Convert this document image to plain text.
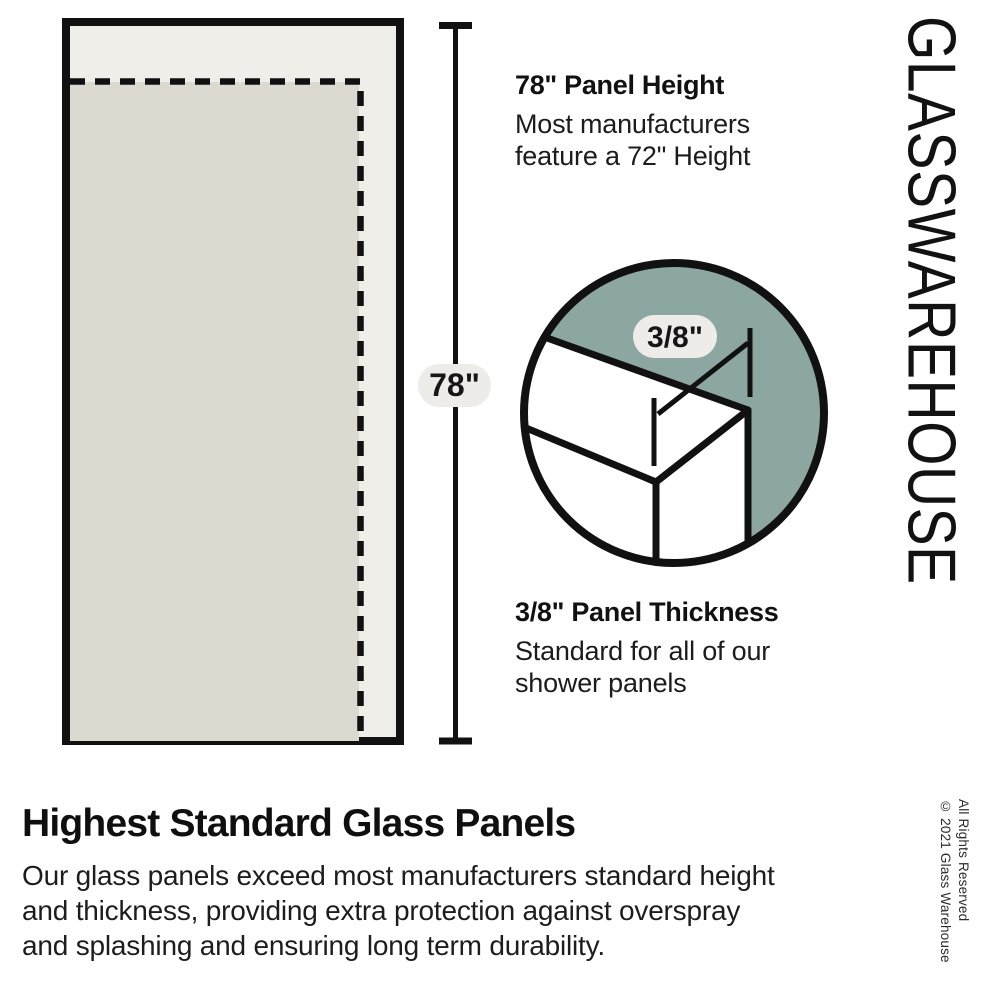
78"
3/8"
78" Panel Height
Most manufacturers
feature a 72" Height
3/8" Panel Thickness
Standard for all of our
shower panels
Highest Standard Glass Panels
Our glass panels exceed most manufacturers standard height
and thickness, providing extra protection against overspray
and splashing and ensuring long term durability.
GLASSWAREHOUSE
© 2021 Glass Warehouse All Rights Reserved
